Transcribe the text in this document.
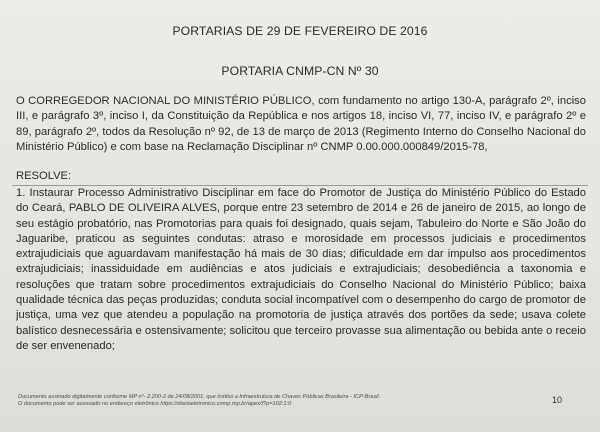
PORTARIAS DE 29 DE FEVEREIRO DE 2016
PORTARIA CNMP-CN Nº 30
O CORREGEDOR NACIONAL DO MINISTÉRIO PÚBLICO, com fundamento no artigo 130-A, parágrafo 2º, inciso III, e parágrafo 3º, inciso I, da Constituição da República e nos artigos 18, inciso VI, 77, inciso IV, e parágrafo 2º e 89, parágrafo 2º, todos da Resolução nº 92, de 13 de março de 2013 (Regimento Interno do Conselho Nacional do Ministério Público) e com base na Reclamação Disciplinar nº CNMP 0.00.000.000849/2015-78,
RESOLVE:
1. Instaurar Processo Administrativo Disciplinar em face do Promotor de Justiça do Ministério Público do Estado do Ceará, PABLO DE OLIVEIRA ALVES, porque entre 23 setembro de 2014 e 26 de janeiro de 2015, ao longo de seu estágio probatório, nas Promotorias para quais foi designado, quais sejam, Tabuleiro do Norte e São João do Jaguaribe, praticou as seguintes condutas: atraso e morosidade em processos judiciais e procedimentos extrajudiciais que aguardavam manifestação há mais de 30 dias; dificuldade em dar impulso aos procedimentos extrajudiciais; inassiduidade em audiências e atos judiciais e extrajudiciais; desobediência a taxonomia e resoluções que tratam sobre procedimentos extrajudiciais do Conselho Nacional do Ministério Público; baixa qualidade técnica das peças produzidas; conduta social incompatível com o desempenho do cargo de promotor de justiça, uma vez que atendeu a população na promotoria de justiça através dos portões da sede; usava colete balístico desnecessária e ostensivamente; solicitou que terceiro provasse sua alimentação ou bebida ante o receio de ser envenenado;
Documento assinado digitalmente conforme MP nº- 2.200-2 de 24/08/2001, que institui a Infraestrutura de Chaves Públicas Brasileira - ICP-Brasil.
O documento pode ser acessado no endereço eletrônico https://diarioeletronico.cnmp.mp.br/apex/f?p=102:1:0	10
